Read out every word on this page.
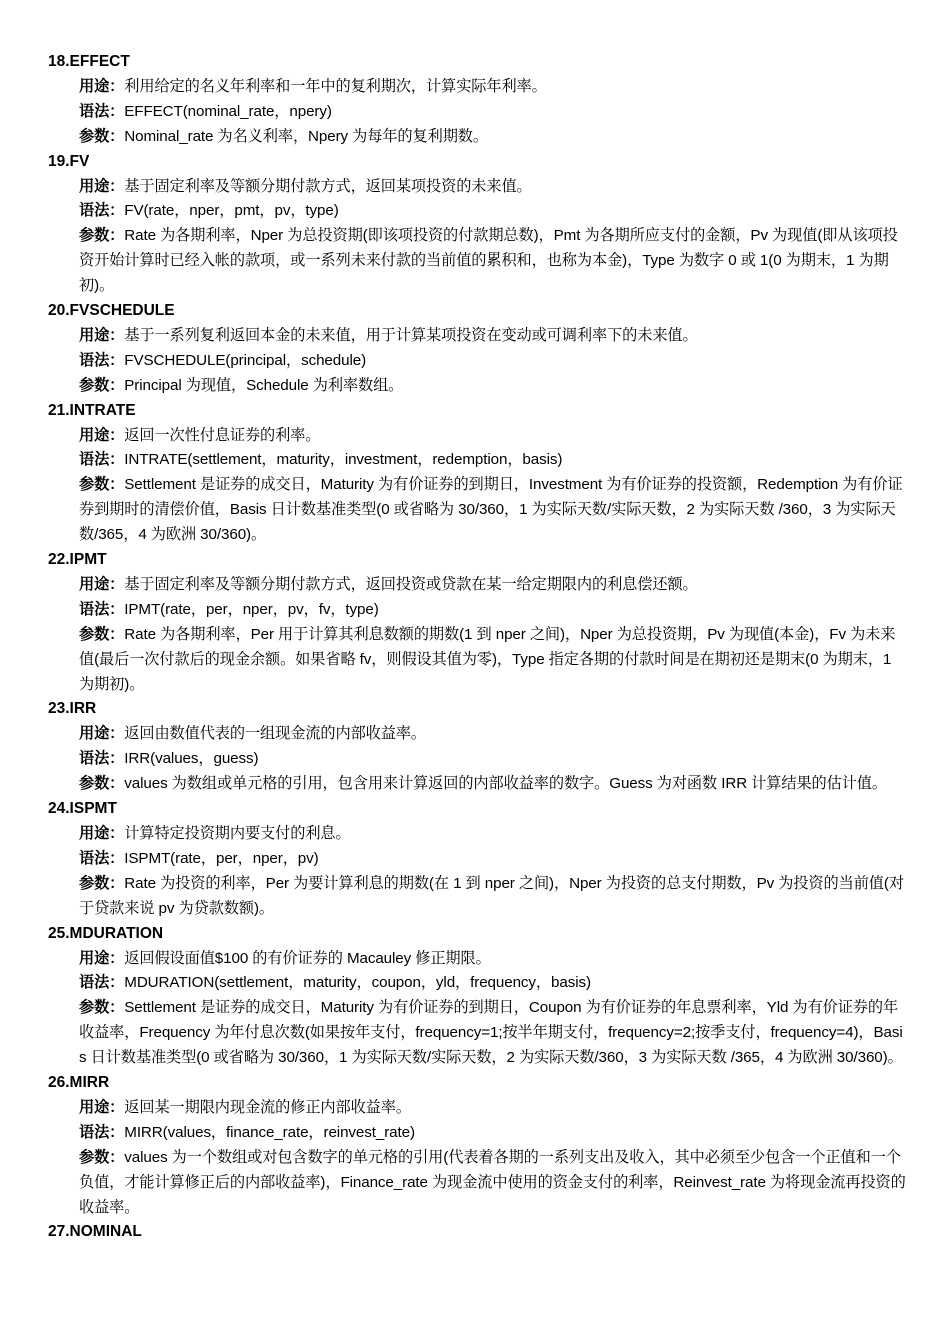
18.EFFECT
用途：利用给定的名义年利率和一年中的复利期次，计算实际年利率。
语法：EFFECT(nominal_rate，npery)
参数：Nominal_rate 为名义利率，Npery 为每年的复利期数。
19.FV
用途：基于固定利率及等额分期付款方式，返回某项投资的未来值。
语法：FV(rate，nper，pmt，pv，type)
参数：Rate 为各期利率，Nper 为总投资期(即该项投资的付款期总数)，Pmt 为各期所应支付的金额，Pv 为现值(即从该项投资开始计算时已经入帐的款项，或一系列未来付款的当前值的累积和，也称为本金)，Type 为数字 0 或 1(0 为期末，1 为期初)。
20.FVSCHEDULE
用途：基于一系列复利返回本金的未来值，用于计算某项投资在变动或可调利率下的未来值。
语法：FVSCHEDULE(principal，schedule)
参数：Principal 为现值，Schedule 为利率数组。
21.INTRATE
用途：返回一次性付息证券的利率。
语法：INTRATE(settlement，maturity，investment，redemption，basis)
参数：Settlement 是证券的成交日，Maturity 为有价证券的到期日，Investment 为有价证券的投资额，Redemption 为有价证券到期时的清偿价值，Basis 日计数基准类型(0 或省略为 30/360，1 为实际天数/实际天数，2 为实际天数 /360，3 为实际天数/365，4 为欧洲 30/360)。
22.IPMT
用途：基于固定利率及等额分期付款方式，返回投资或贷款在某一给定期限内的利息偿还额。
语法：IPMT(rate，per，nper，pv，fv，type)
参数：Rate 为各期利率，Per 用于计算其利息数额的期数(1 到 nper 之间)，Nper 为总投资期，Pv 为现值(本金)，Fv 为未来值(最后一次付款后的现金余额。如果省略 fv，则假设其值为零)，Type 指定各期的付款时间是在期初还是期末(0 为期末，1 为期初)。
23.IRR
用途：返回由数值代表的一组现金流的内部收益率。
语法：IRR(values，guess)
参数：values 为数组或单元格的引用，包含用来计算返回的内部收益率的数字。Guess 为对函数 IRR 计算结果的估计值。
24.ISPMT
用途：计算特定投资期内要支付的利息。
语法：ISPMT(rate，per，nper，pv)
参数：Rate 为投资的利率，Per 为要计算利息的期数(在 1 到 nper 之间)，Nper 为投资的总支付期数，Pv 为投资的当前值(对于贷款来说 pv 为贷款数额)。
25.MDURATION
用途：返回假设面值$100 的有价证券的 Macauley 修正期限。
语法：MDURATION(settlement，maturity，coupon，yld，frequency，basis)
参数：Settlement 是证券的成交日，Maturity 为有价证券的到期日，Coupon 为有价证券的年息票利率，Yld 为有价证券的年收益率，Frequency 为年付息次数(如果按年支付，frequency=1;按半年期支付，frequency=2;按季支付，frequency=4)，Basis 日计数基准类型(0 或省略为 30/360，1 为实际天数/实际天数，2 为实际天数/360，3 为实际天数 /365，4 为欧洲 30/360)。
26.MIRR
用途：返回某一期限内现金流的修正内部收益率。
语法：MIRR(values，finance_rate，reinvest_rate)
参数：values 为一个数组或对包含数字的单元格的引用(代表着各期的一系列支出及收入，其中必须至少包含一个正值和一个负值，才能计算修正后的内部收益率)，Finance_rate 为现金流中使用的资金支付的利率，Reinvest_rate 为将现金流再投资的收益率。
27.NOMINAL
